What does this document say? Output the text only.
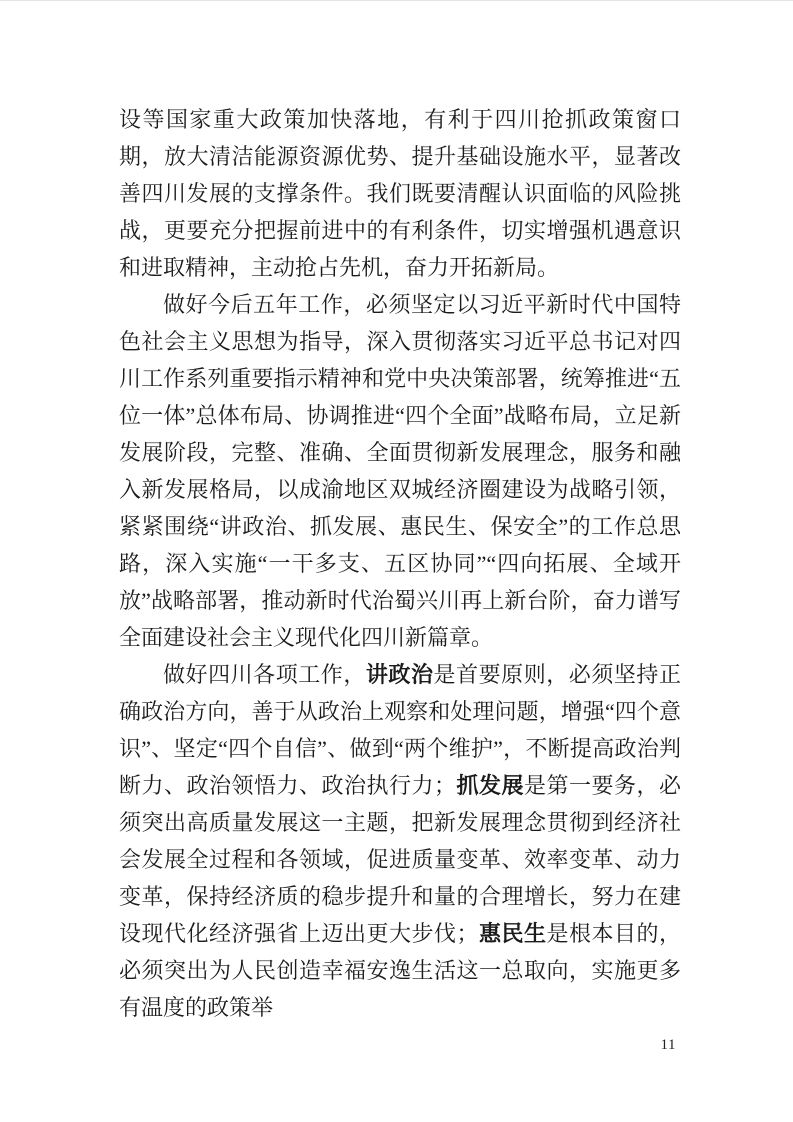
设等国家重大政策加快落地，有利于四川抢抓政策窗口期，放大清洁能源资源优势、提升基础设施水平，显著改善四川发展的支撑条件。我们既要清醒认识面临的风险挑战，更要充分把握前进中的有利条件，切实增强机遇意识和进取精神，主动抢占先机，奋力开拓新局。

做好今后五年工作，必须坚定以习近平新时代中国特色社会主义思想为指导，深入贯彻落实习近平总书记对四川工作系列重要指示精神和党中央决策部署，统筹推进“五位一体”总体布局、协调推进“四个全面”战略布局，立足新发展阶段，完整、准确、全面贯彻新发展理念，服务和融入新发展格局，以成渝地区双城经济圈建设为战略引领，紧紧围绕“讲政治、抓发展、惠民生、保安全”的工作总思路，深入实施“一干多支、五区协同”“四向拓展、全域开放”战略部署，推动新时代治蜀兴川再上新台阶，奋力谱写全面建设社会主义现代化四川新篇章。

做好四川各项工作，讲政治是首要原则，必须坚持正确政治方向，善于从政治上观察和处理问题，增强“四个意识”、坚定“四个自信”、做到“两个维护”，不断提高政治判断力、政治领悟力、政治执行力；抓发展是第一要务，必须突出高质量发展这一主题，把新发展理念贯彻到经济社会发展全过程和各领域，促进质量变革、效率变革、动力变革，保持经济质的稳步提升和量的合理增长，努力在建设现代化经济强省上迈出更大步伐；惠民生是根本目的，必须突出为人民创造幸福安逸生活这一总取向，实施更多有温度的政策举

11
